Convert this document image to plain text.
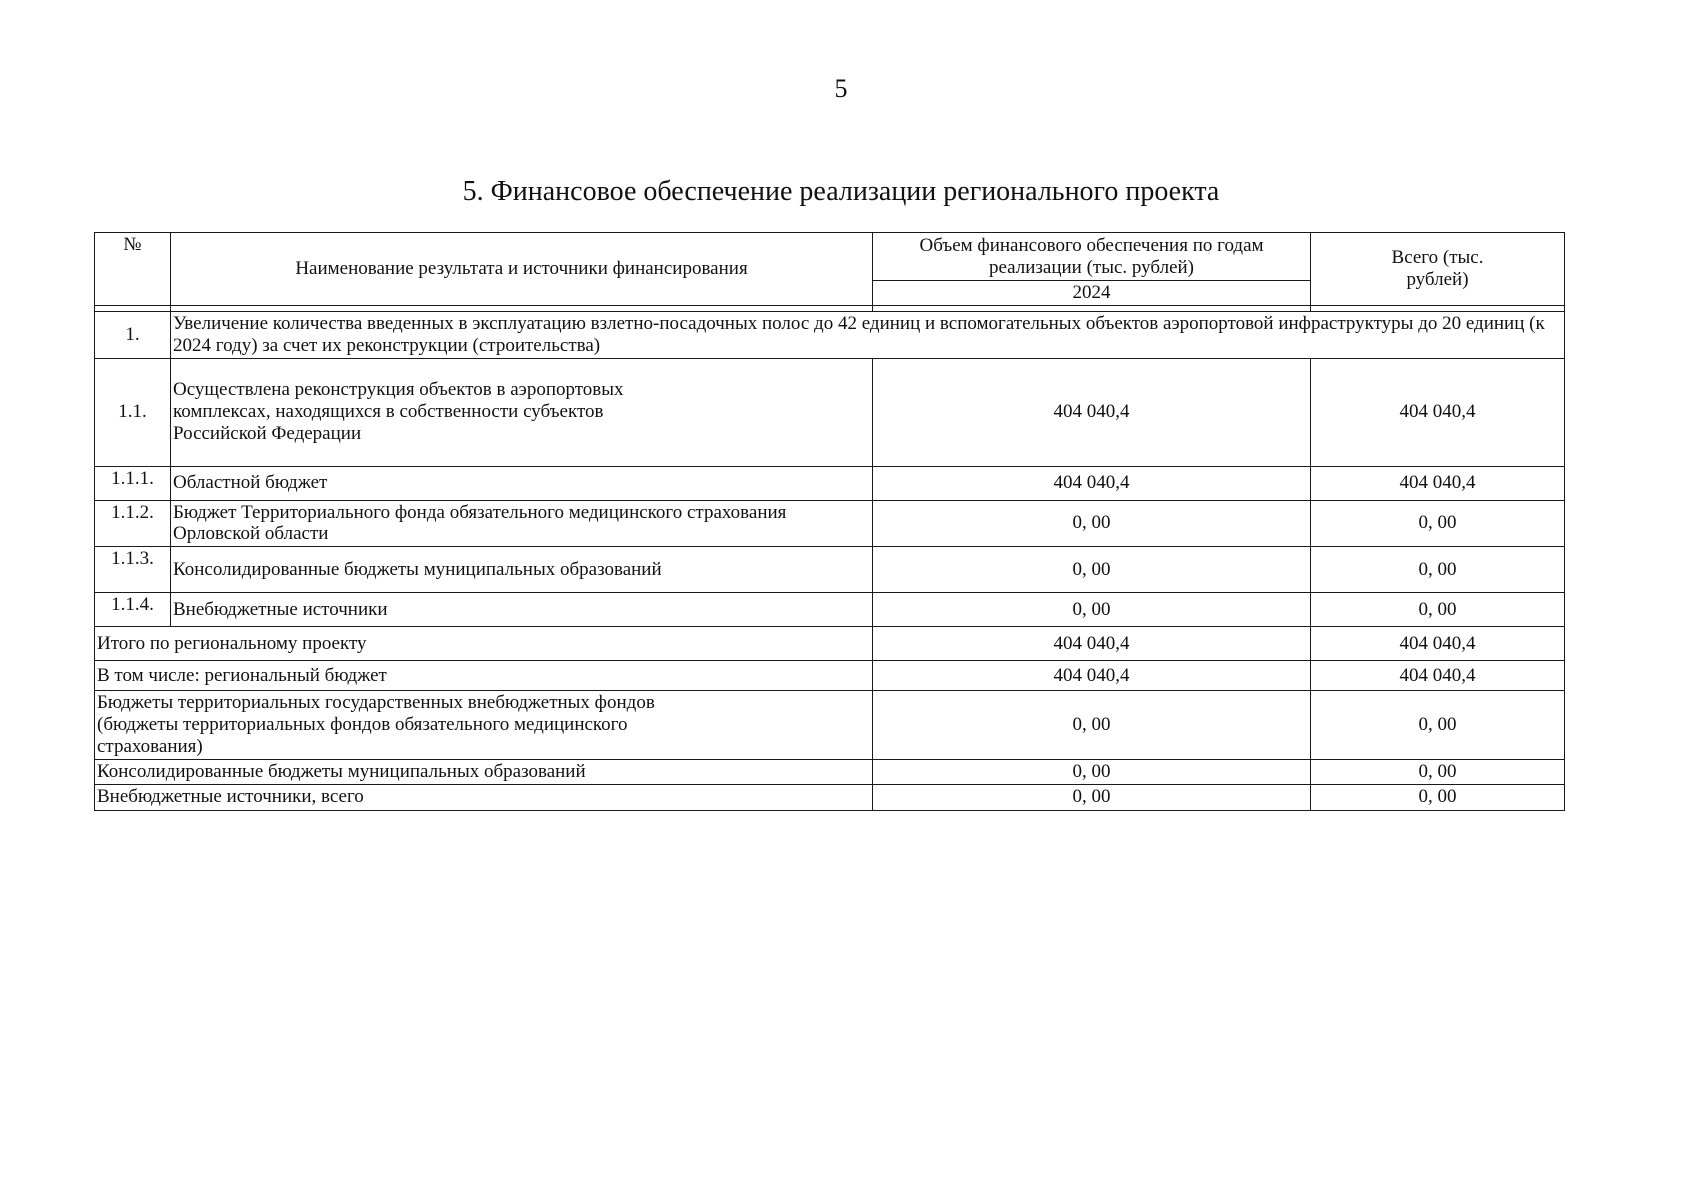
5
5. Финансовое обеспечение реализации регионального проекта
№	Наименование результата и источники финансирования	Объем финансового обеспечения по годам реализации (тыс. рублей)	Всего (тыс. рублей)
		2024	

1.	Увеличение количества введенных в эксплуатацию взлетно-посадочных полос до 42 единиц и вспомогательных объектов аэропортовой инфраструктуры до 20 единиц (к 2024 году) за счет их реконструкции (строительства)		
1.1.	Осуществлена реконструкция объектов в аэропортовых комплексах, находящихся в собственности субъектов Российской Федерации	404 040,4	404 040,4
1.1.1.	Областной бюджет	404 040,4	404 040,4
1.1.2.	Бюджет Территориального фонда обязательного медицинского страхования Орловской области	0, 00	0, 00
1.1.3.	Консолидированные бюджеты муниципальных образований	0, 00	0, 00
1.1.4.	Внебюджетные источники	0, 00	0, 00
Итого по региональному проекту		404 040,4	404 040,4
В том числе: региональный бюджет		404 040,4	404 040,4
Бюджеты территориальных государственных внебюджетных фондов (бюджеты территориальных фондов обязательного медицинского страхования)		0, 00	0, 00
Консолидированные бюджеты муниципальных образований		0, 00	0, 00
Внебюджетные источники, всего		0, 00	0, 00
